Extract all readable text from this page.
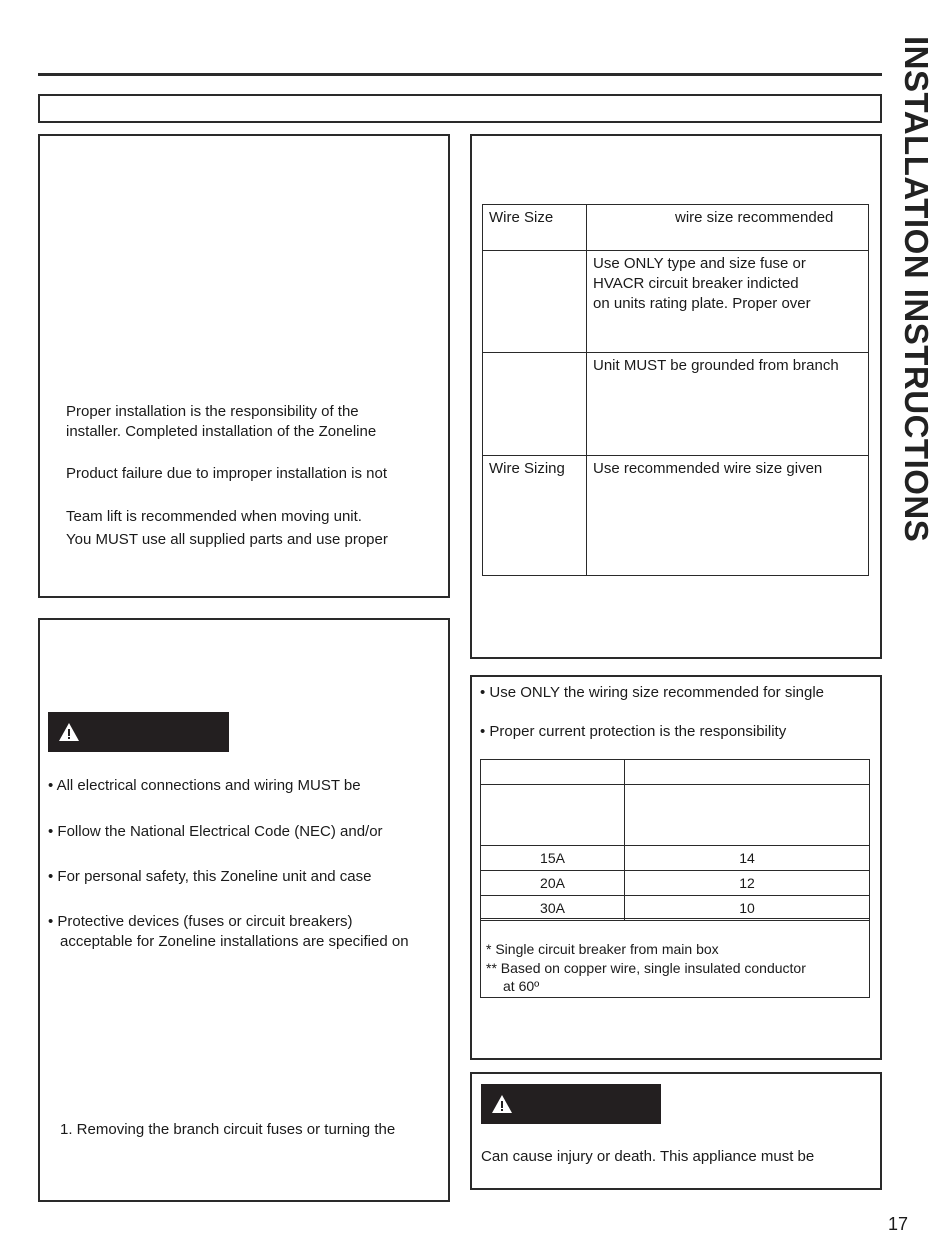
INSTALLATION INSTRUCTIONS
Proper installation is the responsibility of the
installer. Completed installation of the Zoneline
Product failure due to improper installation is not
Team lift is recommended when moving unit.
You MUST use all supplied parts and use proper
Wire Size	wire size recommended

	Use ONLY type and size fuse or
HVACR circuit breaker indicted
on units rating plate. Proper over

	Unit MUST be grounded from branch
Wire Sizing	Use recommended wire size given
• All electrical connections and wiring MUST be
• Follow the National Electrical Code (NEC) and/or
• For personal safety, this Zoneline unit and case
• Protective devices (fuses or circuit breakers)
acceptable for Zoneline installations are specified on
1. Removing the branch circuit fuses or turning the
• Use ONLY the wiring size recommended for single
• Proper current protection is the responsibility

15A	14
20A	12
30A	10
* Single circuit breaker from main box
** Based on copper wire, single insulated conductor
at 60º
Can cause injury or death. This appliance must be
17
